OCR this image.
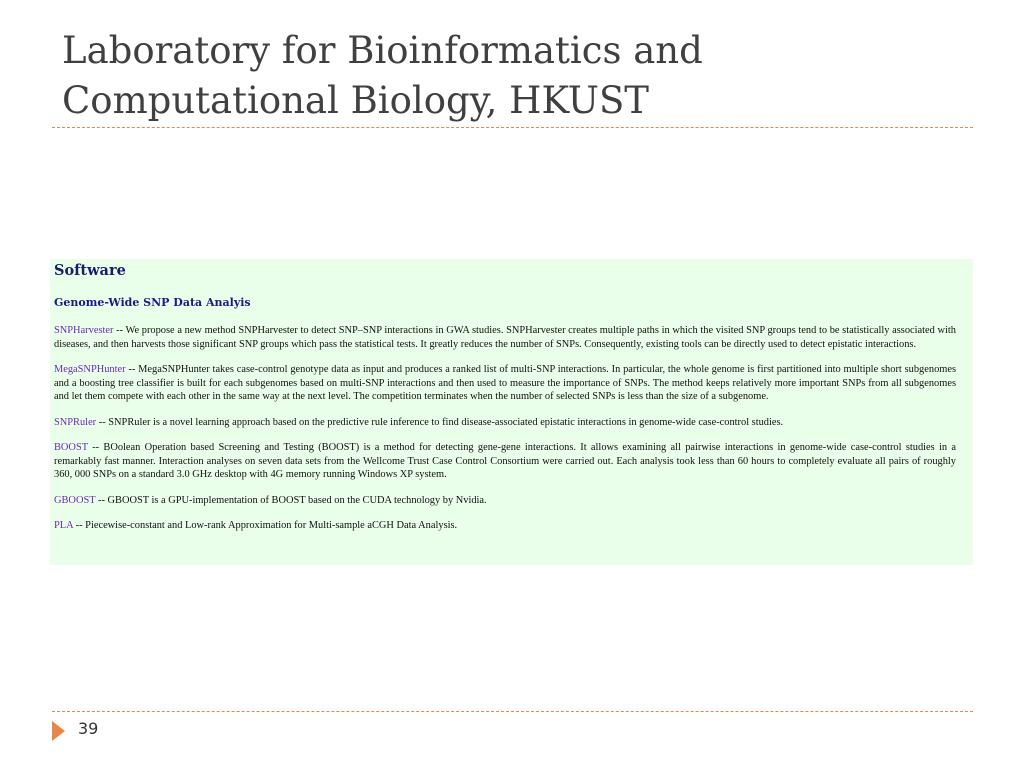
Laboratory for Bioinformatics and
Computational Biology, HKUST
Software
Genome-Wide SNP Data Analyis

SNPHarvester -- We propose a new method SNPHarvester to detect SNP–SNP interactions in GWA studies. SNPHarvester creates multiple paths in which the visited SNP groups tend to be statistically associated with diseases, and then harvests those significant SNP groups which pass the statistical tests. It greatly reduces the number of SNPs. Consequently, existing tools can be directly used to detect epistatic interactions.

MegaSNPHunter -- MegaSNPHunter takes case-control genotype data as input and produces a ranked list of multi-SNP interactions. In particular, the whole genome is first partitioned into multiple short subgenomes and a boosting tree classifier is built for each subgenomes based on multi-SNP interactions and then used to measure the importance of SNPs. The method keeps relatively more important SNPs from all subgenomes and let them compete with each other in the same way at the next level. The competition terminates when the number of selected SNPs is less than the size of a subgenome.

SNPRuler -- SNPRuler is a novel learning approach based on the predictive rule inference to find disease-associated epistatic interactions in genome-wide case-control studies.

BOOST -- BOolean Operation based Screening and Testing (BOOST) is a method for detecting gene-gene interactions. It allows examining all pairwise interactions in genome-wide case-control studies in a remarkably fast manner. Interaction analyses on seven data sets from the Wellcome Trust Case Control Consortium were carried out. Each analysis took less than 60 hours to completely evaluate all pairs of roughly 360, 000 SNPs on a standard 3.0 GHz desktop with 4G memory running Windows XP system.

GBOOST -- GBOOST is a GPU-implementation of BOOST based on the CUDA technology by Nvidia.

PLA -- Piecewise-constant and Low-rank Approximation for Multi-sample aCGH Data Analysis.

39
